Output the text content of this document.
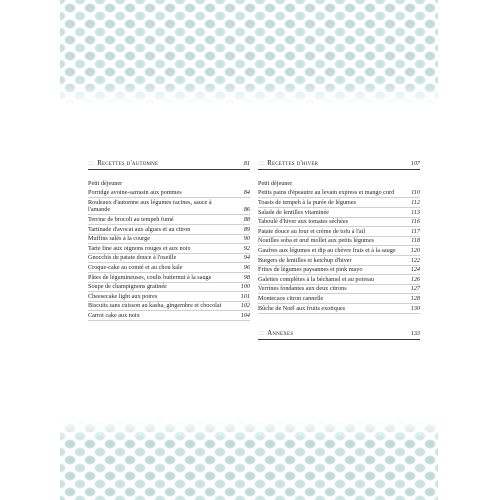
::: Recettes d'automne	81
Petit déjeuner
Porridge avoine-sarrasin aux pommes	84
Rouleaux d'automne aux légumes racines, sauce à l'amande	86
Terrine de brocoli au tempeh fumé	88
Tartinade d'avocat aux algues et au citron	89
Muffins salés à la courge	90
Tarte fine aux oignons rouges et aux noix	92
Gnocchis de patate douce à l'oseille	94
Croque-cake au comté et au chou kale	96
Pâtes de légumineuses, coulis butternut à la sauge	98
Soupe de champignons gratinée	100
Cheesecake light aux poires	101
Biscuits sans cuisson au kasha, gingembre et chocolat	102
Carrot cake aux noix	104
::: Recettes d'hiver	107
Petit déjeuner
Petits pains d'épeautre au levain express et mango curd	110
Toasts de tempeh à la purée de légumes	112
Salade de lentilles vitaminée	113
Taboulé d'hiver aux tomates séchées	116
Patate douce au four et crème de tofu à l'ail	117
Nouilles soba et œuf mollet aux petits légumes	118
Gaufres aux légumes et dip au chèvre frais et à la sauge	120
Burgers de lentilles et ketchup d'hiver	122
Frites de légumes paysannes et pink mayo	124
Galettes complètes à la béchamel et au poireau	126
Verrines fondantes aux deux citrons	127
Montecaos citron cannelle	128
Bûche de Noël aux fruits exotiques	130
::: Annexes	133
